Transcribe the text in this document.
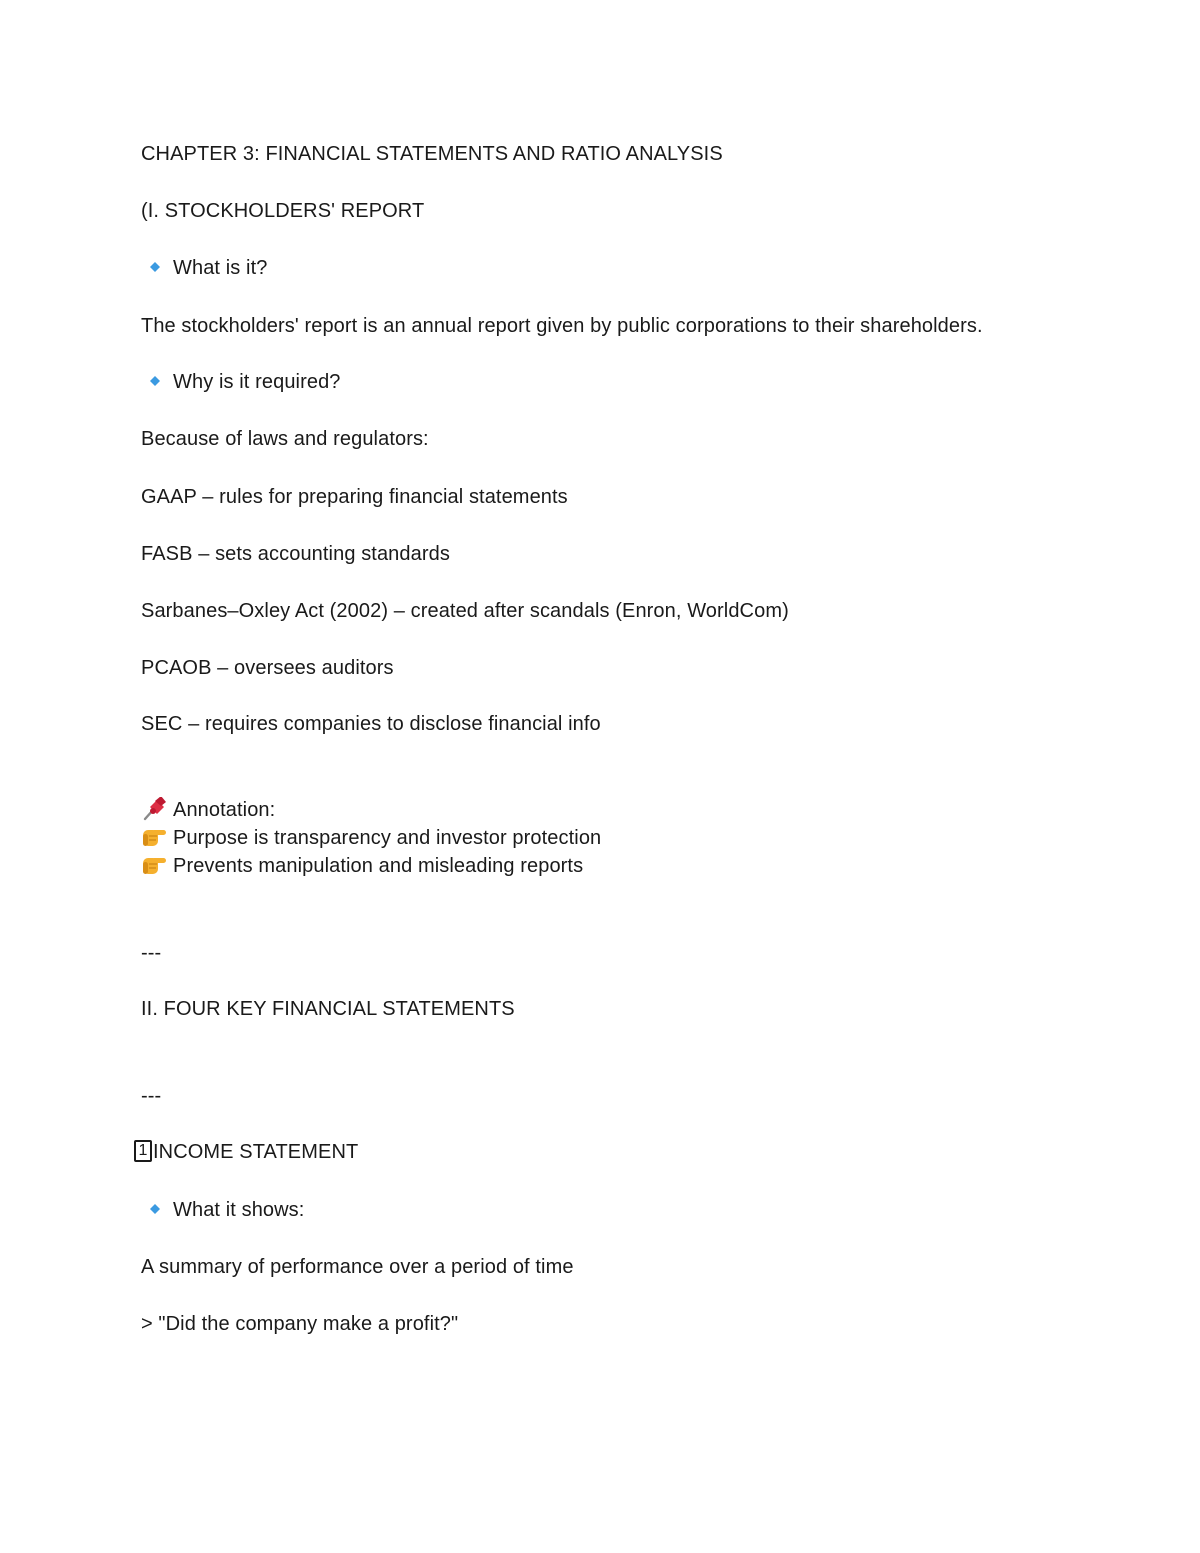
CHAPTER 3: FINANCIAL STATEMENTS AND RATIO ANALYSIS
(I. STOCKHOLDERS' REPORT
What is it?
The stockholders' report is an annual report given by public corporations to their shareholders.
Why is it required?
Because of laws and regulators:
GAAP – rules for preparing financial statements
FASB – sets accounting standards
Sarbanes–Oxley Act (2002) – created after scandals (Enron, WorldCom)
PCAOB – oversees auditors
SEC – requires companies to disclose financial info
Annotation:
Purpose is transparency and investor protection
Prevents manipulation and misleading reports
---
II. FOUR KEY FINANCIAL STATEMENTS
---
1 INCOME STATEMENT
What it shows:
A summary of performance over a period of time
> "Did the company make a profit?"
